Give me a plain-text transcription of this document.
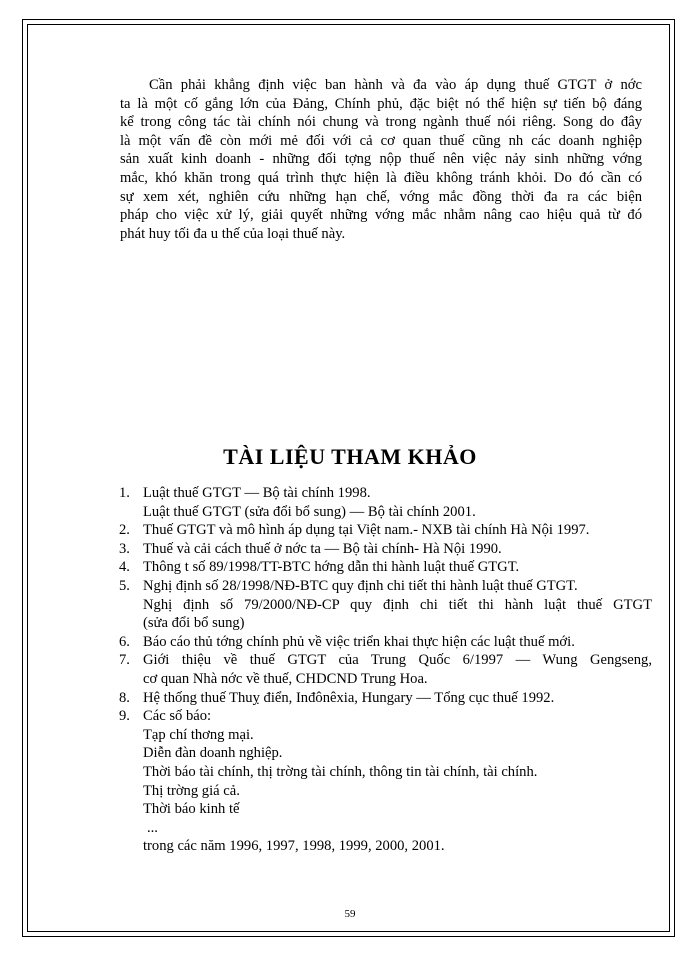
Cần phải khẳng định việc ban hành và đa vào áp dụng thuế GTGT ở nớc
ta là một cố gắng lớn của Đảng, Chính phủ, đặc biệt nó thể hiện sự tiến bộ đáng
kể trong công tác tài chính nói chung và trong ngành thuế nói riêng. Song do đây
là một vấn đề còn mới mẻ đối với cả cơ quan thuế cũng nh các doanh nghiệp
sản xuất kinh doanh - những đối tợng nộp thuế nên việc nảy sinh những vớng
mắc, khó khăn trong quá trình thực hiện là điều không tránh khỏi. Do đó cần có
sự xem xét, nghiên cứu những hạn chế, vớng mắc đồng thời đa ra các biện
pháp cho việc xử lý, giải quyết những vớng mắc nhằm nâng cao hiệu quả từ đó
phát huy tối đa u thế của loại thuế này.

TÀI LIỆU THAM KHẢO
1. Luật thuế GTGT — Bộ tài chính 1998.
Luật thuế GTGT (sửa đổi bổ sung) — Bộ tài chính 2001.
2. Thuế GTGT và mô hình áp dụng tại Việt nam.- NXB tài chính Hà Nội 1997.
3. Thuế và cải cách thuế ở nớc ta — Bộ tài chính- Hà Nội 1990.
4. Thông t số 89/1998/TT-BTC hớng dẫn thi hành luật thuế GTGT.
5. Nghị định số 28/1998/NĐ-BTC quy định chi tiết thi hành luật thuế GTGT.
Nghị định số 79/2000/NĐ-CP quy định chi tiết thi hành luật thuế GTGT
(sửa đổi bổ sung)
6. Báo cáo thủ tớng chính phủ về việc triển khai thực hiện các luật thuế mới.
7. Giới thiệu về thuế GTGT của Trung Quốc 6/1997 — Wung Gengseng,
cơ quan Nhà nớc về thuế, CHDCND Trung Hoa.
8. Hệ thống thuế Thuỵ điển, Inđônêxia, Hungary — Tổng cục thuế 1992.
9. Các số báo:
Tạp chí thơng mại.
Diễn đàn doanh nghiệp.
Thời báo tài chính, thị trờng tài chính, thông tin tài chính, tài chính.
Thị trờng giá cả.
Thời báo kinh tế
...
trong các năm 1996, 1997, 1998, 1999, 2000, 2001.
59
